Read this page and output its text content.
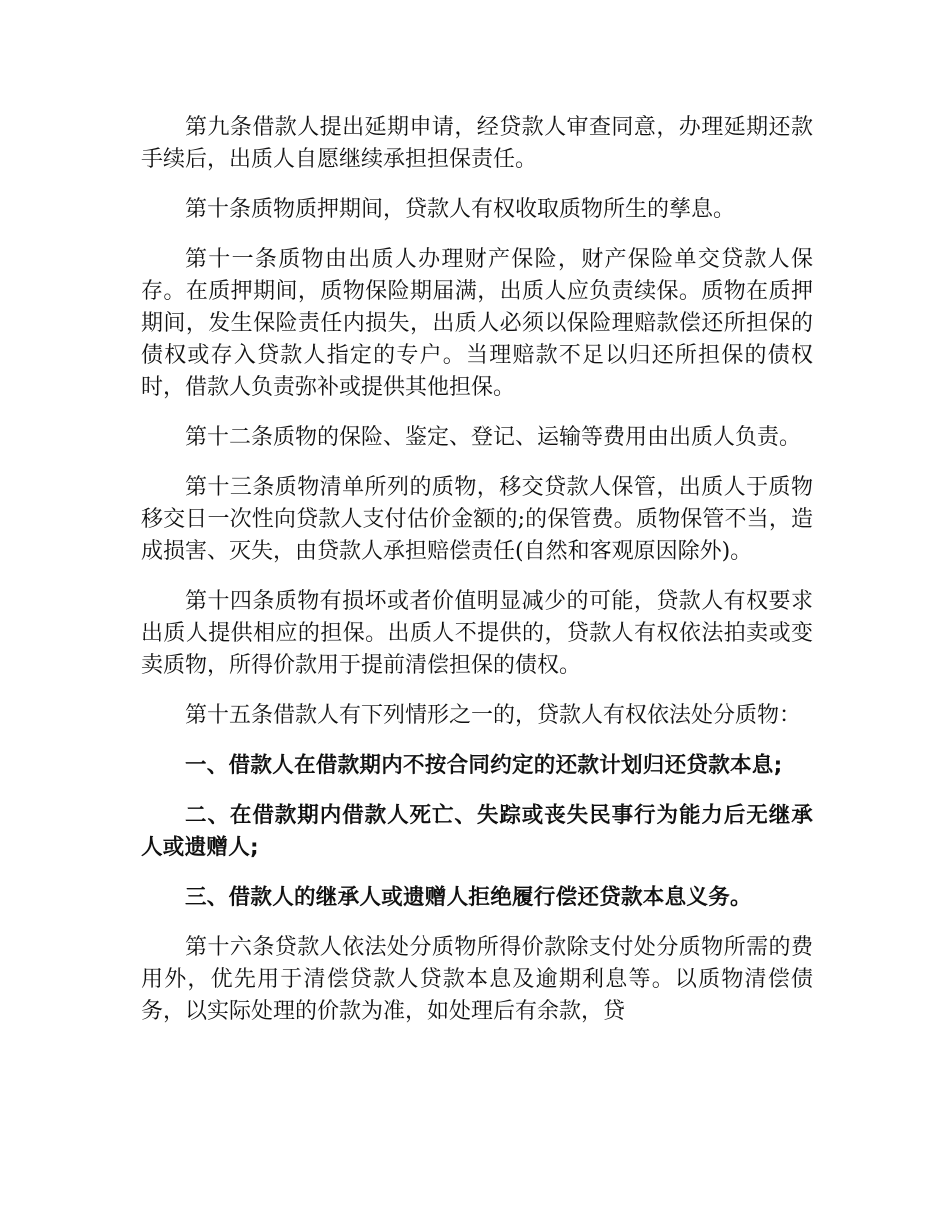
第九条借款人提出延期申请，经贷款人审查同意，办理延期还款手续后，出质人自愿继续承担担保责任。

第十条质物质押期间，贷款人有权收取质物所生的孳息。

第十一条质物由出质人办理财产保险，财产保险单交贷款人保存。在质押期间，质物保险期届满，出质人应负责续保。质物在质押期间，发生保险责任内损失，出质人必须以保险理赔款偿还所担保的债权或存入贷款人指定的专户。当理赔款不足以归还所担保的债权时，借款人负责弥补或提供其他担保。

第十二条质物的保险、鉴定、登记、运输等费用由出质人负责。

第十三条质物清单所列的质物，移交贷款人保管，出质人于质物移交日一次性向贷款人支付估价金额的;的保管费。质物保管不当，造成损害、灭失，由贷款人承担赔偿责任(自然和客观原因除外)。

第十四条质物有损坏或者价值明显减少的可能，贷款人有权要求出质人提供相应的担保。出质人不提供的，贷款人有权依法拍卖或变卖质物，所得价款用于提前清偿担保的债权。

第十五条借款人有下列情形之一的，贷款人有权依法处分质物：

一、借款人在借款期内不按合同约定的还款计划归还贷款本息;

二、在借款期内借款人死亡、失踪或丧失民事行为能力后无继承人或遗赠人;

三、借款人的继承人或遗赠人拒绝履行偿还贷款本息义务。

第十六条贷款人依法处分质物所得价款除支付处分质物所需的费用外，优先用于清偿贷款人贷款本息及逾期利息等。以质物清偿债务，以实际处理的价款为准，如处理后有余款，贷
